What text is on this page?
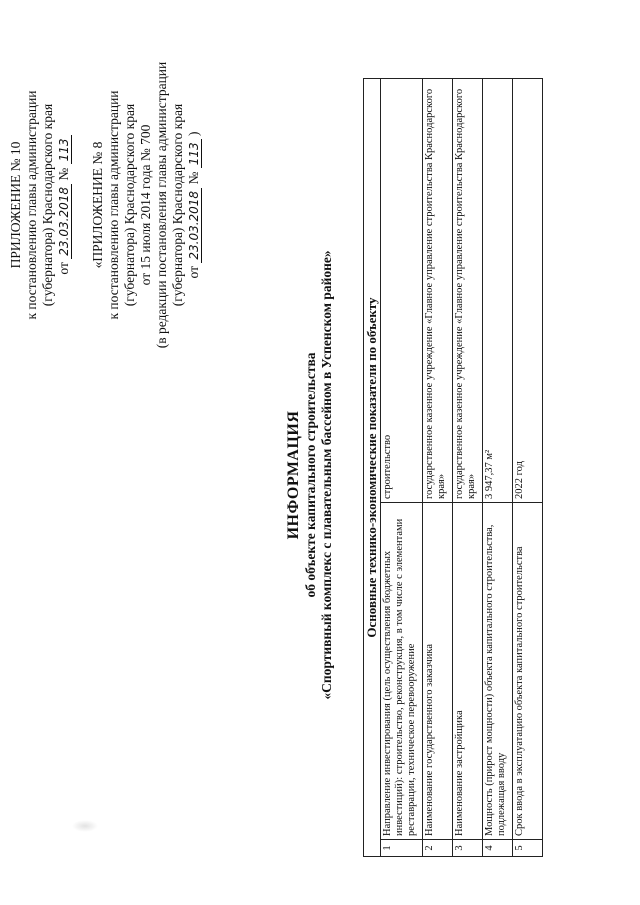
ПРИЛОЖЕНИЕ № 10 к постановлению главы администрации (губернатора) Краснодарского края от 23.03.2018 № 113 «ПРИЛОЖЕНИЕ № 8 к постановлению главы администрации (губернатора) Краснодарского края от 15 июля 2014 года № 700 (в редакции постановления главы администрации (губернатора) Краснодарского края от 23.03.2018 № 113 )
ИНФОРМАЦИЯ об объекте капитального строительства «Спортивный комплекс с плавательным бассейном в Успенском районе» Основные технико-экономические показатели по объекту		
1	Направление инвестирования (цель осуществления бюджетных инвестиций): строительство, реконструкция, в том числе с элементами реставрации, техническое перевооружение	строительство
2	Наименование государственного заказчика	государственное казенное учреждение «Главное управление строительства Краснодарского края»
3	Наименование застройщика	государственное казенное учреждение «Главное управление строительства Краснодарского края»
4	Мощность (прирост мощности) объекта капитального строительства, подлежащая вводу	3 947,37 м²
5	Срок ввода в эксплуатацию объекта капитального строительства	2022 год
